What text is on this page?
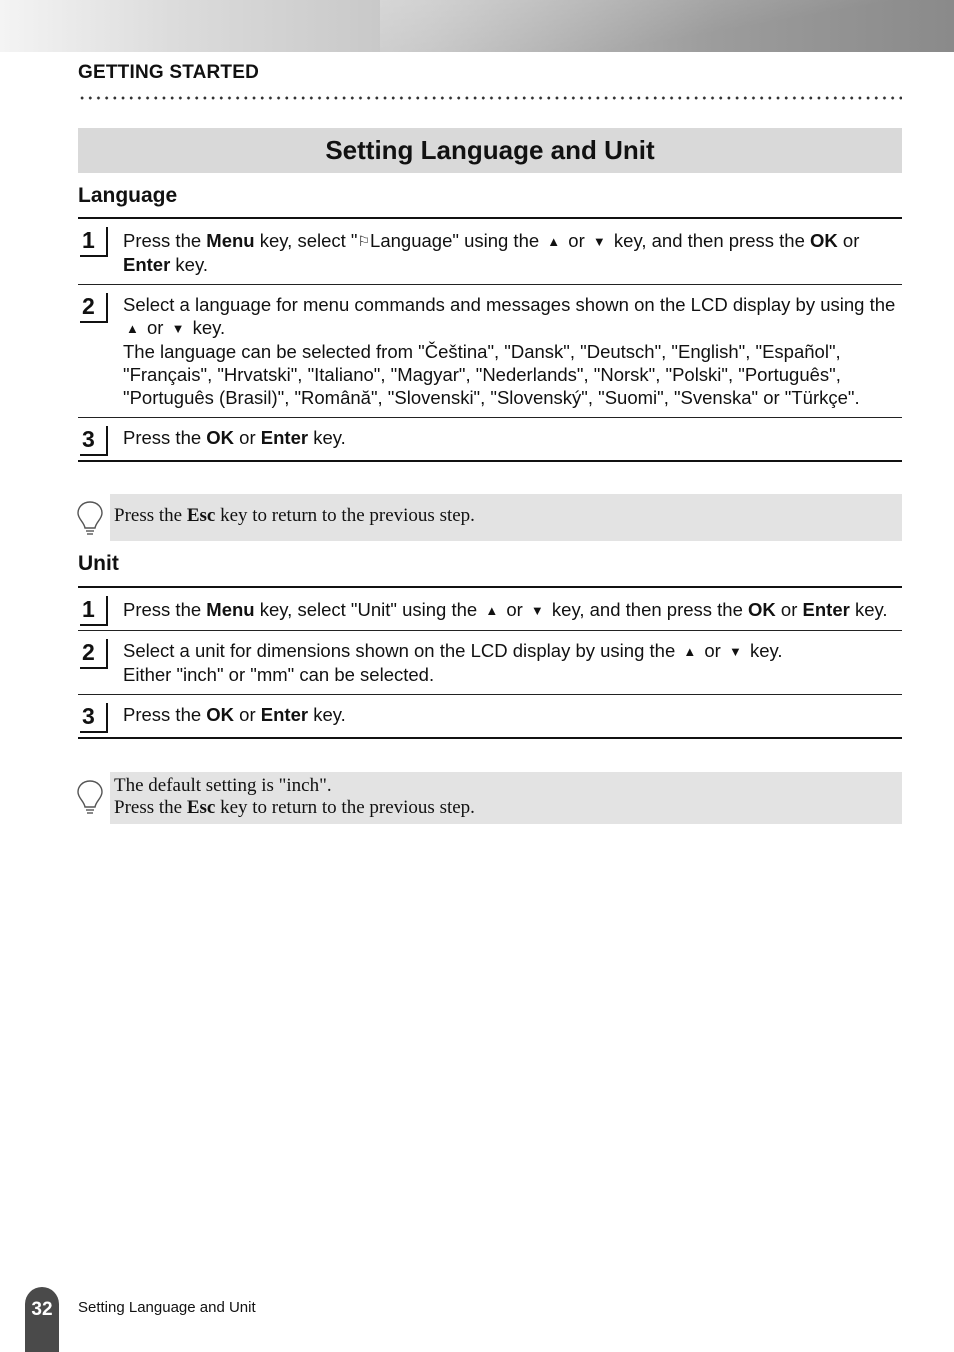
GETTING STARTED
Setting Language and Unit
Language
1	Press the Menu key, select "⚐Language" using the ▲ or ▼ key, and then press the OK or Enter key.
2	Select a language for menu commands and messages shown on the LCD display by using the ▲ or ▼ key.
The language can be selected from "Čeština", "Dansk", "Deutsch", "English", "Español", "Français", "Hrvatski", "Italiano", "Magyar", "Nederlands", "Norsk", "Polski", "Português", "Português (Brasil)", "Română", "Slovenski", "Slovenský", "Suomi", "Svenska" or "Türkçe".
3	Press the OK or Enter key.
Press the Esc key to return to the previous step.
Unit
1	Press the Menu key, select "Unit" using the ▲ or ▼ key, and then press the OK or Enter key.
2	Select a unit for dimensions shown on the LCD display by using the ▲ or ▼ key.
Either "inch" or "mm" can be selected.
3	Press the OK or Enter key.
The default setting is "inch".
Press the Esc key to return to the previous step.
32 Setting Language and Unit
